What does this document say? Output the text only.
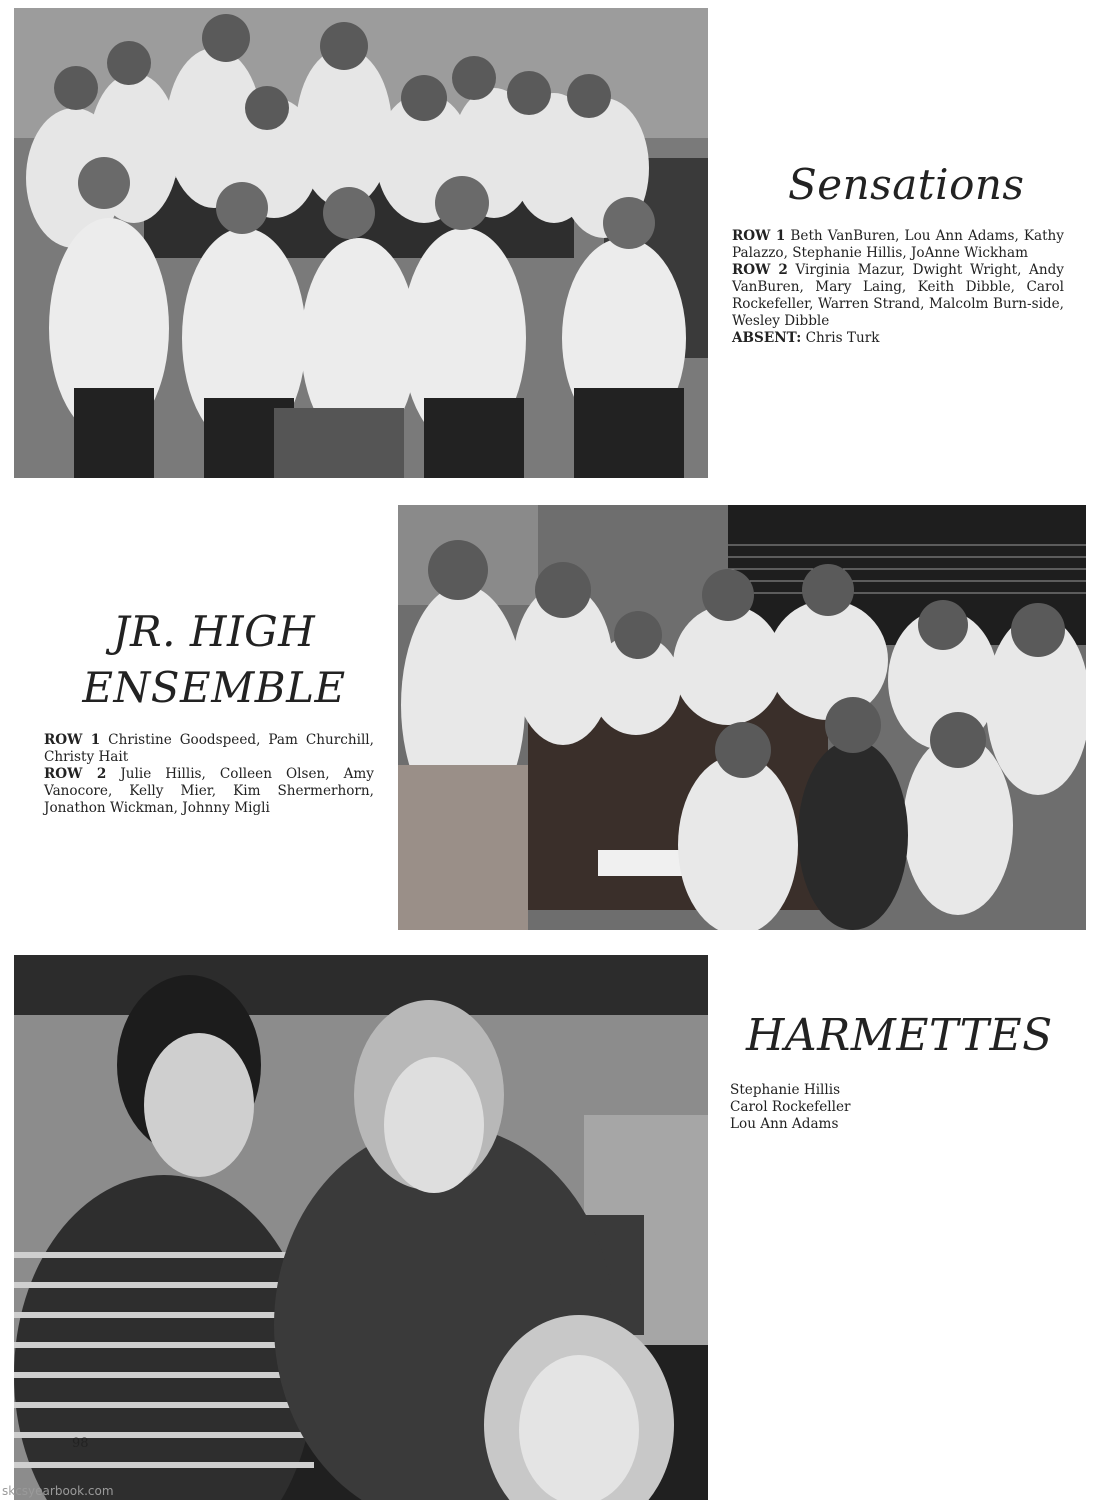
Sensations

ROW 1 Beth VanBuren, Lou Ann Adams, Kathy Palazzo, Stephanie Hillis, JoAnne Wickham

ROW 2 Virginia Mazur, Dwight Wright, Andy VanBuren, Mary Laing, Keith Dibble, Carol Rockefeller, Warren Strand, Malcolm Burn-side, Wesley Dibble

ABSENT: Chris Turk

JR. HIGH
ENSEMBLE

ROW 1 Christine Goodspeed, Pam Churchill, Christy Hait

ROW 2 Julie Hillis, Colleen Olsen, Amy Vanocore, Kelly Mier, Kim Shermerhorn, Jonathon Wickman, Johnny Migli

HARMETTES
Stephanie Hillis
Carol Rockefeller
Lou Ann Adams
98
skcsyearbook.com
